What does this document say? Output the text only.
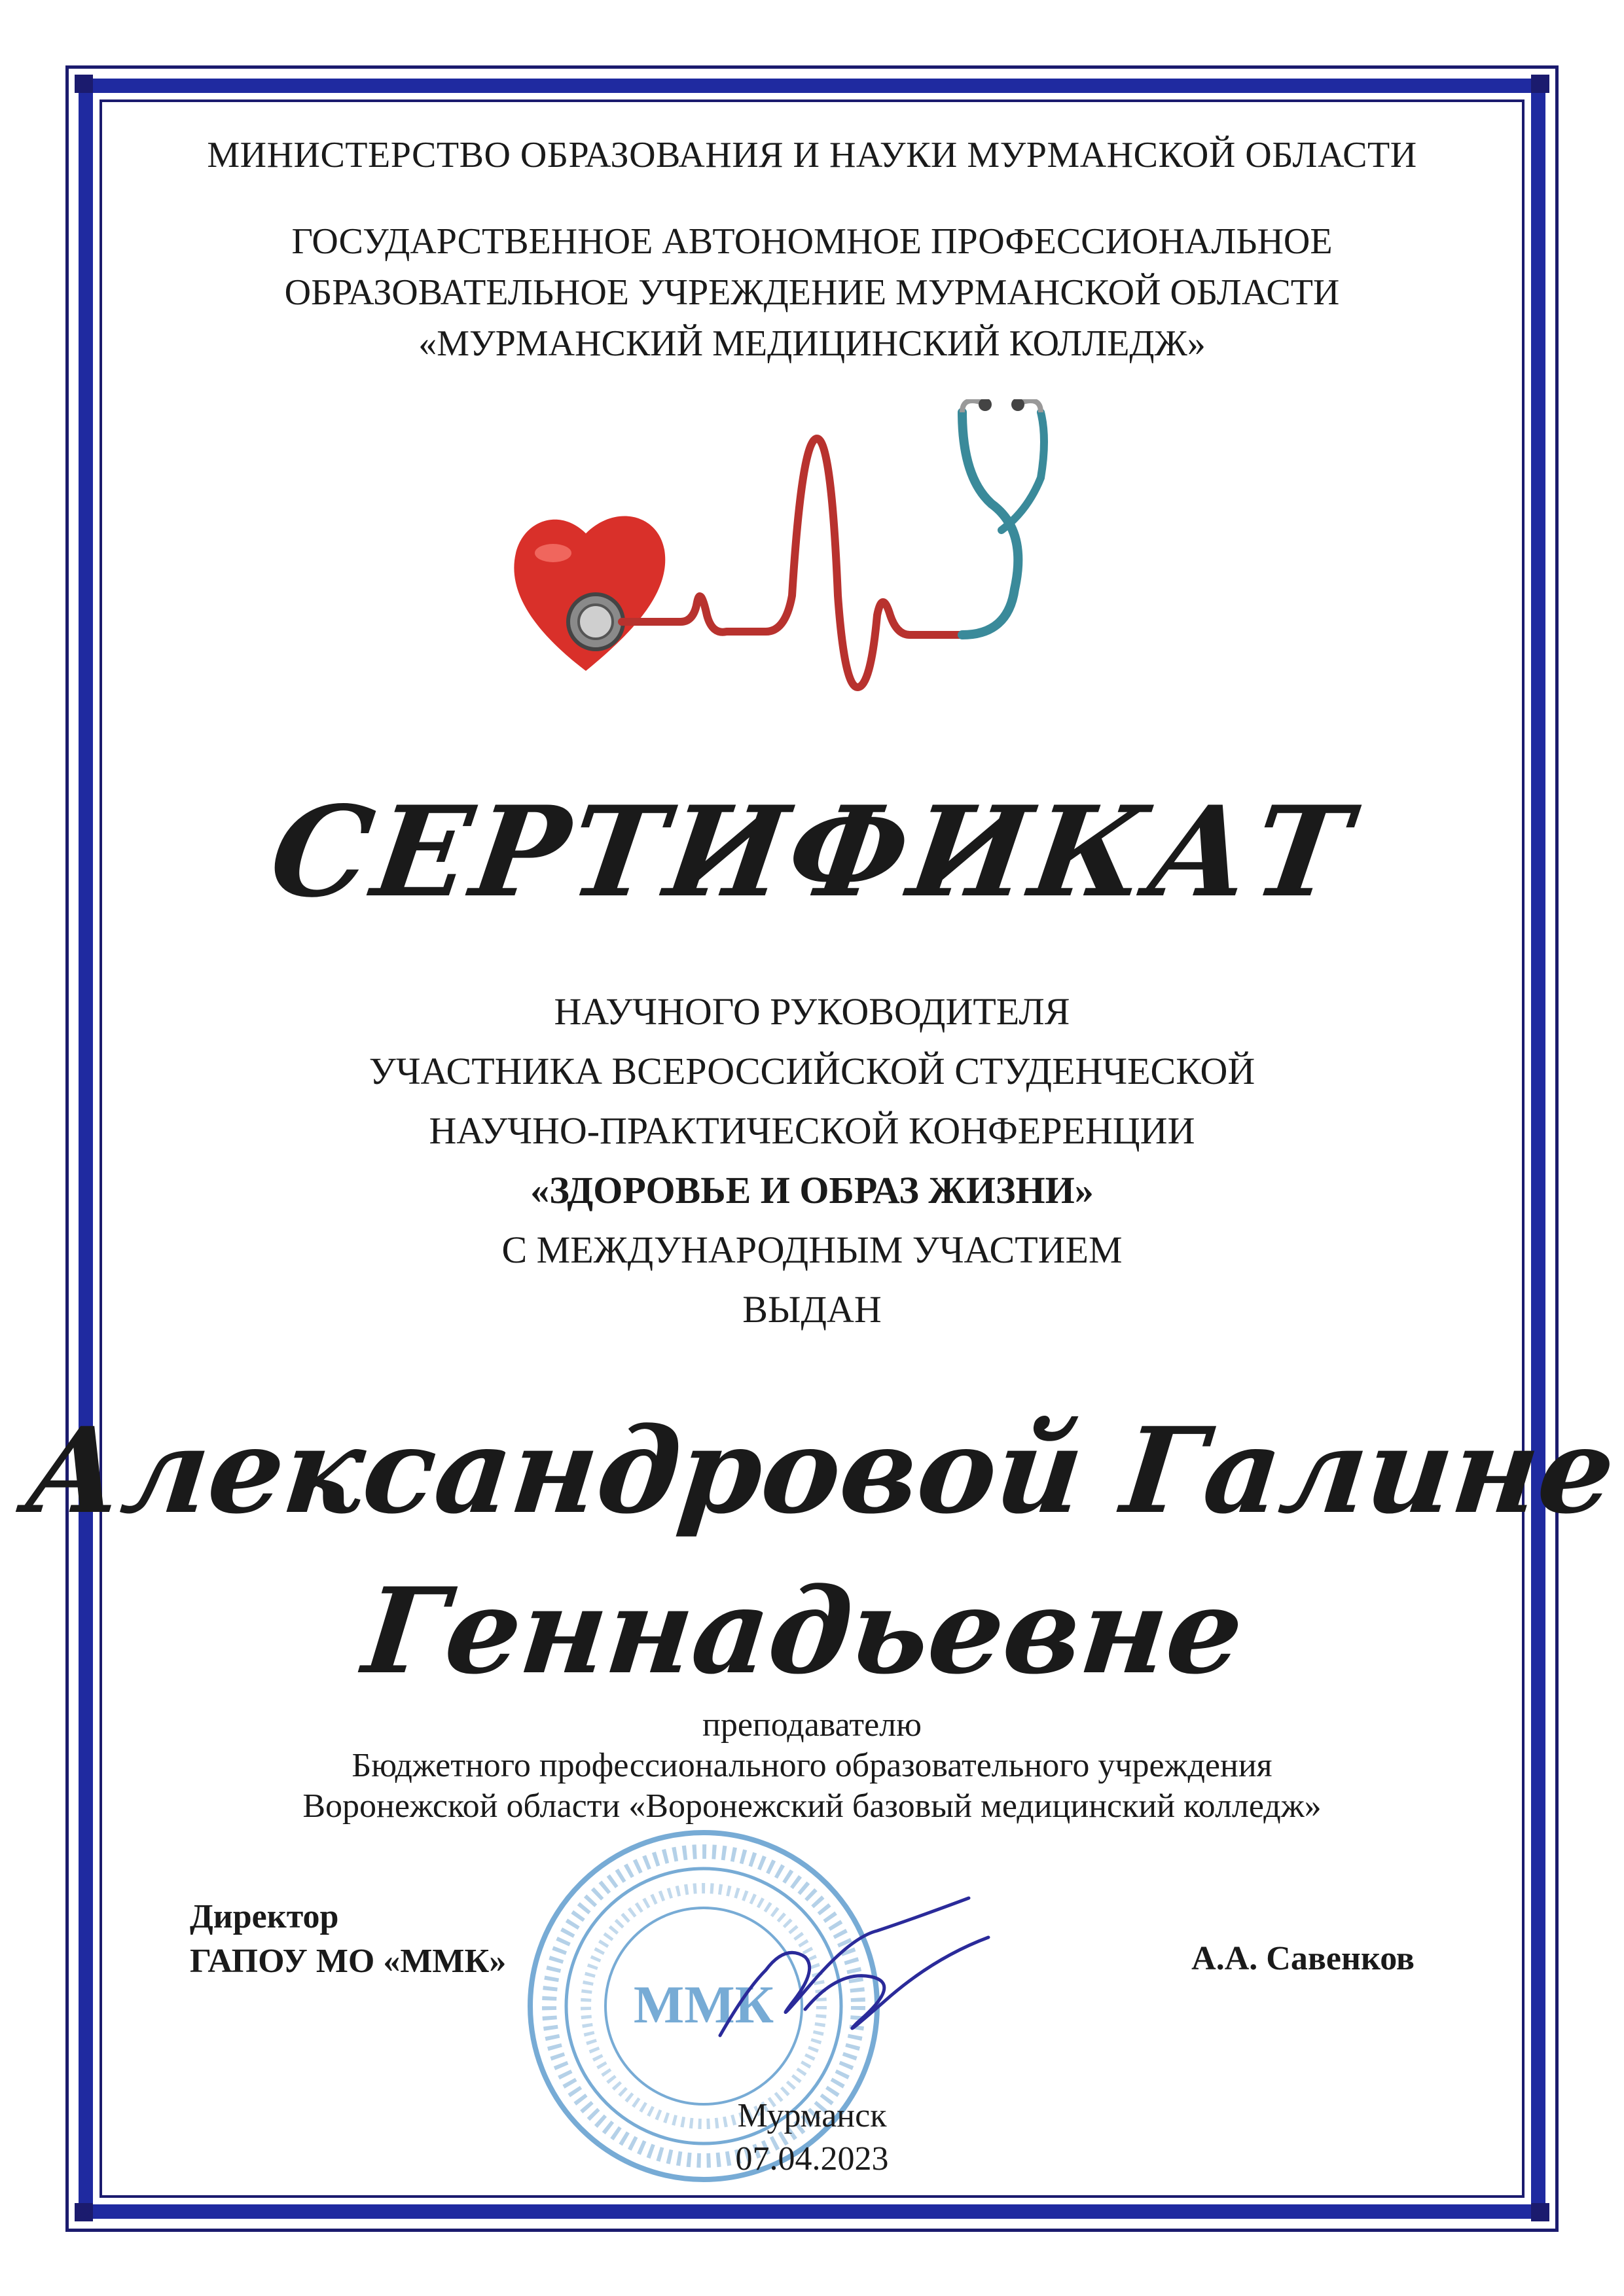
МИНИСТЕРСТВО ОБРАЗОВАНИЯ И НАУКИ МУРМАНСКОЙ ОБЛАСТИ
ГОСУДАРСТВЕННОЕ АВТОНОМНОЕ ПРОФЕССИОНАЛЬНОЕ
ОБРАЗОВАТЕЛЬНОЕ УЧРЕЖДЕНИЕ МУРМАНСКОЙ ОБЛАСТИ
«МУРМАНСКИЙ МЕДИЦИНСКИЙ КОЛЛЕДЖ»
СЕРТИФИКАТ
НАУЧНОГО РУКОВОДИТЕЛЯ
УЧАСТНИКА ВСЕРОССИЙСКОЙ СТУДЕНЧЕСКОЙ
НАУЧНО-ПРАКТИЧЕСКОЙ КОНФЕРЕНЦИИ
«ЗДОРОВЬЕ И ОБРАЗ ЖИЗНИ»
С МЕЖДУНАРОДНЫМ УЧАСТИЕМ
ВЫДАН
Александровой Галине
Геннадьевне
преподавателю
Бюджетного профессионального образовательного учреждения
Воронежской области «Воронежский базовый медицинский колледж»
ММК
Директор
ГАПОУ МО «ММК»	А.А. Савенков
Мурманск
07.04.2023
